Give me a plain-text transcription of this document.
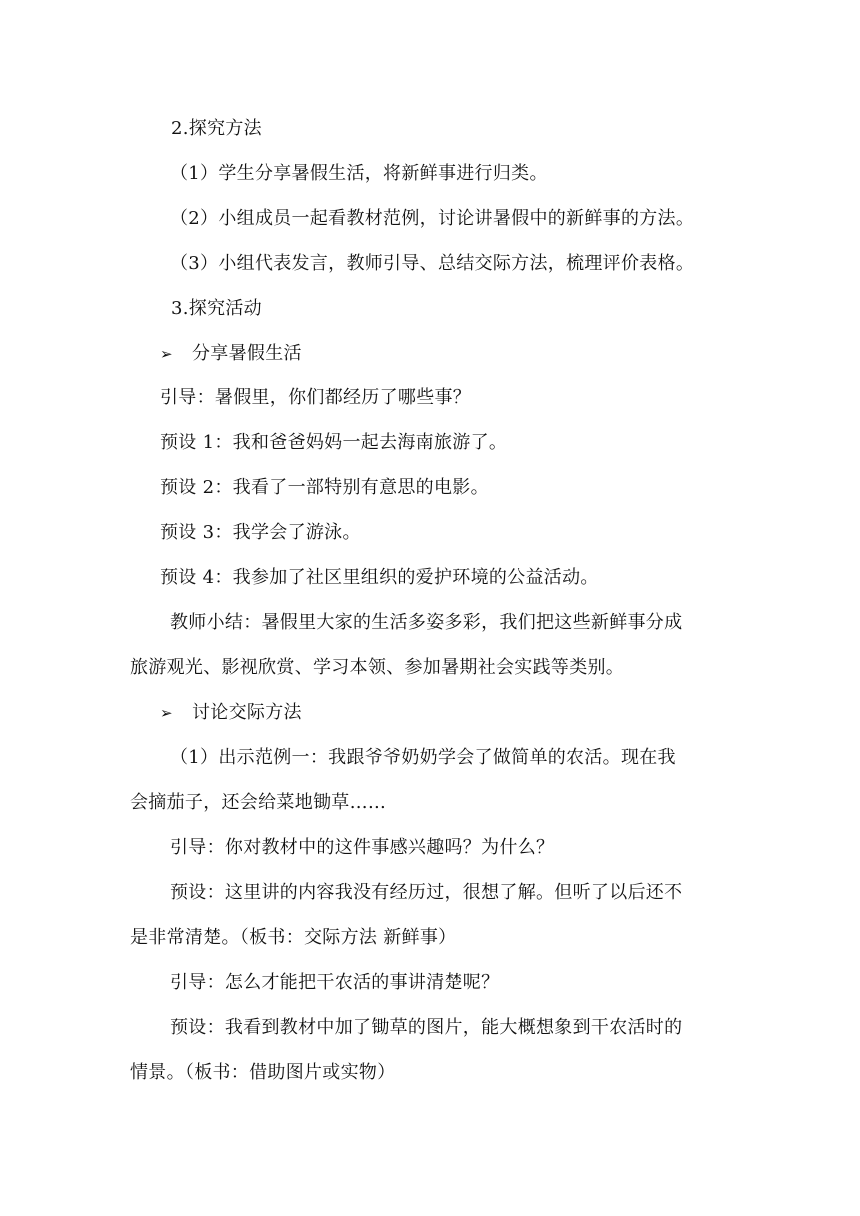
2.探究方法
（1）学生分享暑假生活，将新鲜事进行归类。
（2）小组成员一起看教材范例，讨论讲暑假中的新鲜事的方法。
（3）小组代表发言，教师引导、总结交际方法，梳理评价表格。
3.探究活动
➢ 分享暑假生活
引导：暑假里，你们都经历了哪些事？
预设 1：我和爸爸妈妈一起去海南旅游了。
预设 2：我看了一部特别有意思的电影。
预设 3：我学会了游泳。
预设 4：我参加了社区里组织的爱护环境的公益活动。
教师小结：暑假里大家的生活多姿多彩，我们把这些新鲜事分成
旅游观光、影视欣赏、学习本领、参加暑期社会实践等类别。
➢ 讨论交际方法
（1）出示范例一：我跟爷爷奶奶学会了做简单的农活。现在我
会摘茄子，还会给菜地锄草……
引导：你对教材中的这件事感兴趣吗？为什么？
预设：这里讲的内容我没有经历过，很想了解。但听了以后还不
是非常清楚。（板书：交际方法 新鲜事）
引导：怎么才能把干农活的事讲清楚呢？
预设：我看到教材中加了锄草的图片，能大概想象到干农活时的
情景。（板书：借助图片或实物）
